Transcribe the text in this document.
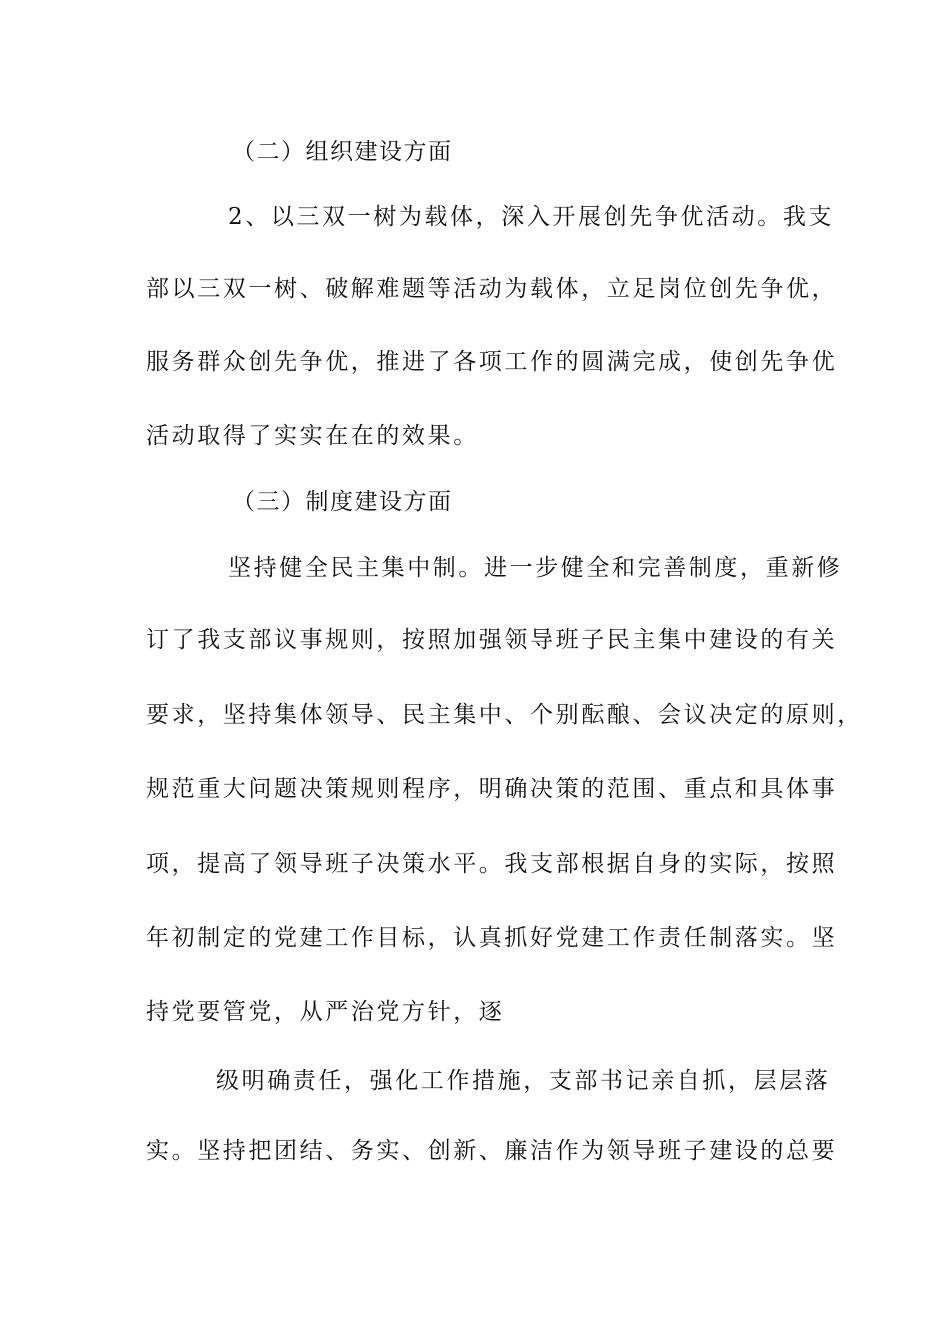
（二）组织建设方面
2、以三双一树为载体，深入开展创先争优活动。我支
部以三双一树、破解难题等活动为载体，立足岗位创先争优，
服务群众创先争优，推进了各项工作的圆满完成，使创先争优
活动取得了实实在在的效果。
（三）制度建设方面
坚持健全民主集中制。进一步健全和完善制度，重新修
订了我支部议事规则，按照加强领导班子民主集中建设的有关
要求，坚持集体领导、民主集中、个别酝酿、会议决定的原则，
规范重大问题决策规则程序，明确决策的范围、重点和具体事
项，提高了领导班子决策水平。我支部根据自身的实际，按照
年初制定的党建工作目标，认真抓好党建工作责任制落实。坚
持党要管党，从严治党方针，逐
级明确责任，强化工作措施，支部书记亲自抓，层层落
实。坚持把团结、务实、创新、廉洁作为领导班子建设的总要
